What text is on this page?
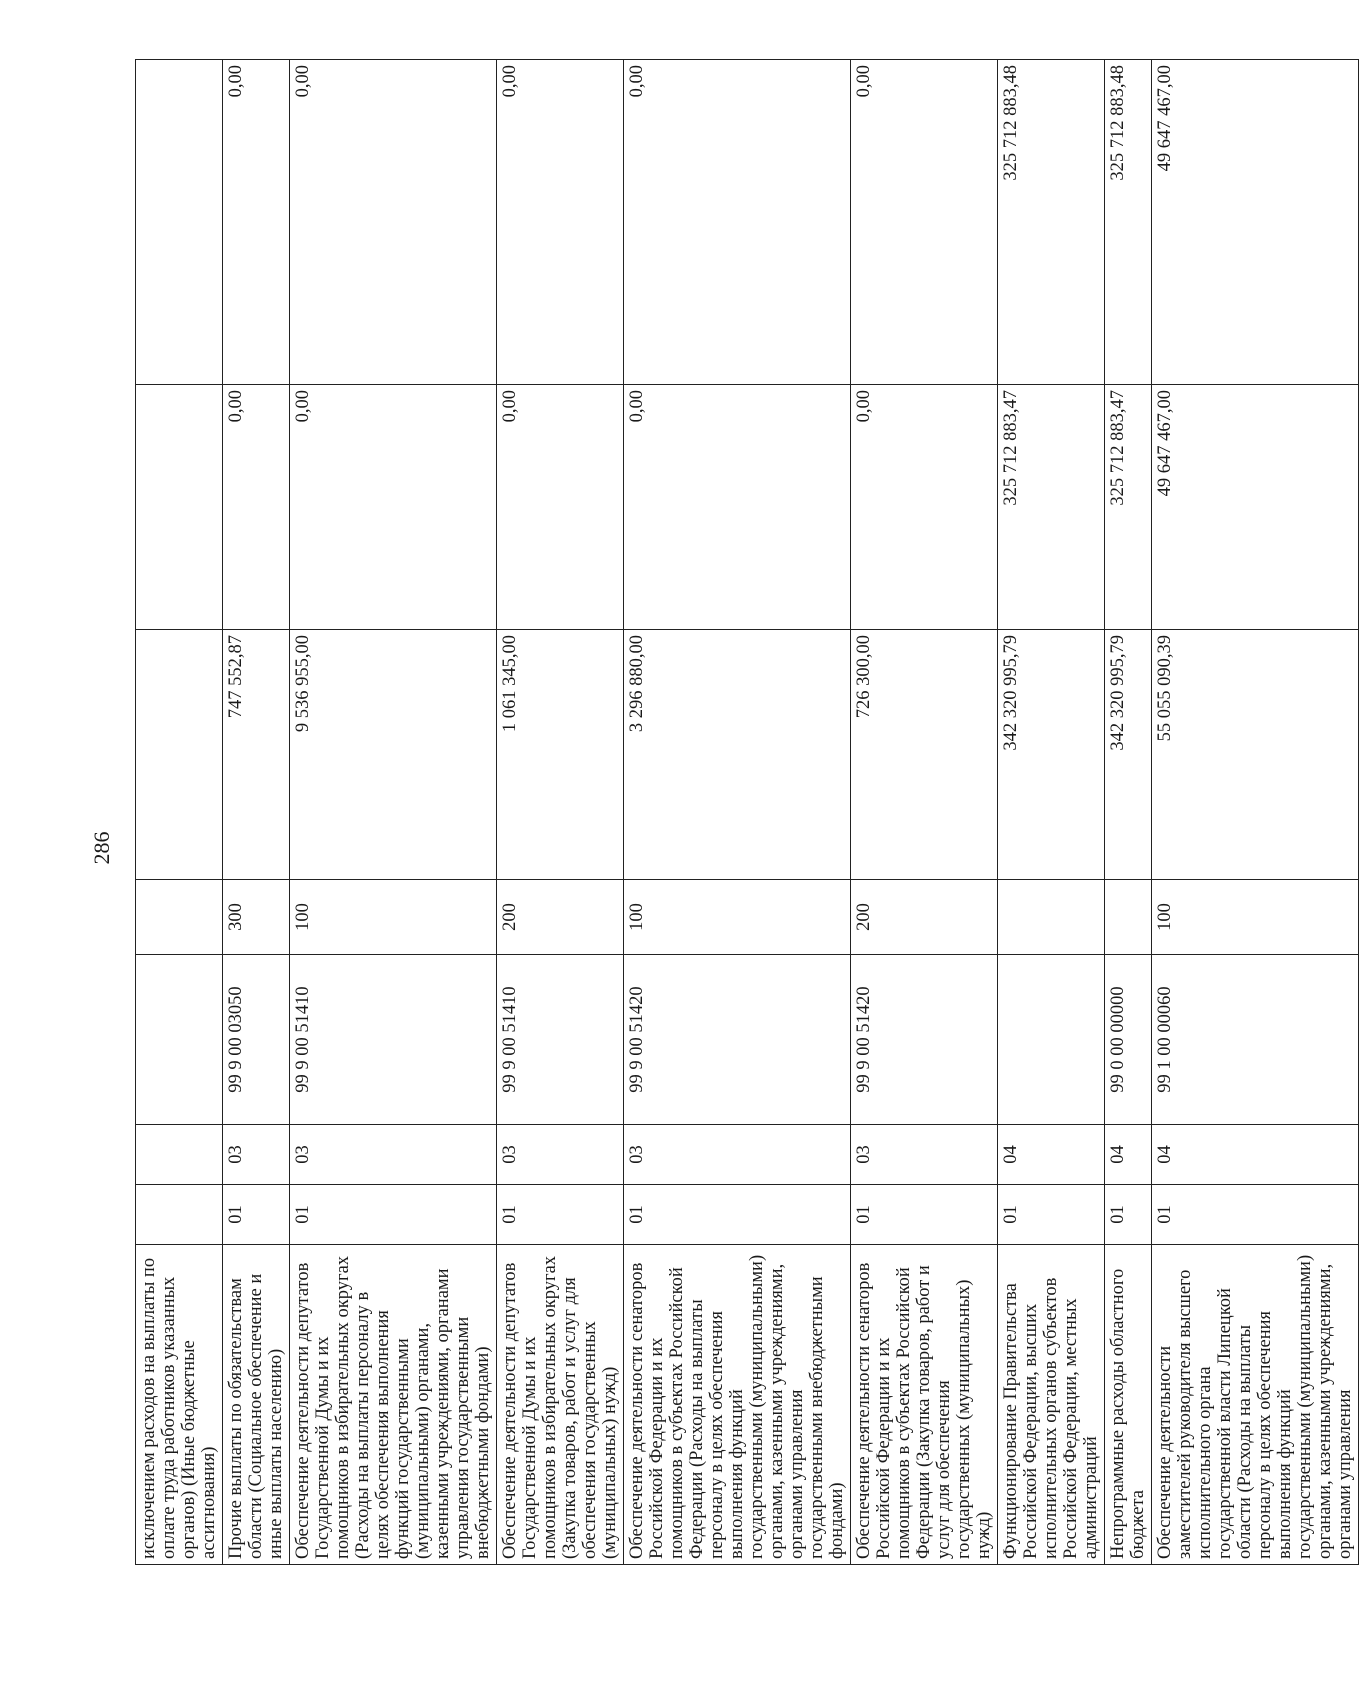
286
исключением расходов на выплаты по оплате труда работников указанных органов) (Иные бюджетные ассигнования)							
Прочие выплаты по обязательствам области (Социальное обеспечение и иные выплаты населению)	01	03	99 9 00 03050	300	747 552,87	0,00	0,00
Обеспечение деятельности депутатов Государственной Думы и их помощников в избирательных округах (Расходы на выплаты персоналу в целях обеспечения выполнения функций государственными (муниципальными) органами, казенными учреждениями, органами управления государственными внебюджетными фондами)	01	03	99 9 00 51410	100	9 536 955,00	0,00	0,00
Обеспечение деятельности депутатов Государственной Думы и их помощников в избирательных округах (Закупка товаров, работ и услуг для обеспечения государственных (муниципальных) нужд)	01	03	99 9 00 51410	200	1 061 345,00	0,00	0,00
Обеспечение деятельности сенаторов Российской Федерации и их помощников в субъектах Российской Федерации (Расходы на выплаты персоналу в целях обеспечения выполнения функций государственными (муниципальными) органами, казенными учреждениями, органами управления государственными внебюджетными фондами)	01	03	99 9 00 51420	100	3 296 880,00	0,00	0,00
Обеспечение деятельности сенаторов Российской Федерации и их помощников в субъектах Российской Федерации (Закупка товаров, работ и услуг для обеспечения государственных (муниципальных) нужд)	01	03	99 9 00 51420	200	726 300,00	0,00	0,00
Функционирование Правительства Российской Федерации, высших исполнительных органов субъектов Российской Федерации, местных администраций	01	04			342 320 995,79	325 712 883,47	325 712 883,48
Непрограммные расходы областного бюджета	01	04	99 0 00 00000		342 320 995,79	325 712 883,47	325 712 883,48
Обеспечение деятельности заместителей руководителя высшего исполнительного органа государственной власти Липецкой области (Расходы на выплаты персоналу в целях обеспечения выполнения функций государственными (муниципальными) органами, казенными учреждениями, органами управления	01	04	99 1 00 00060	100	55 055 090,39	49 647 467,00	49 647 467,00
